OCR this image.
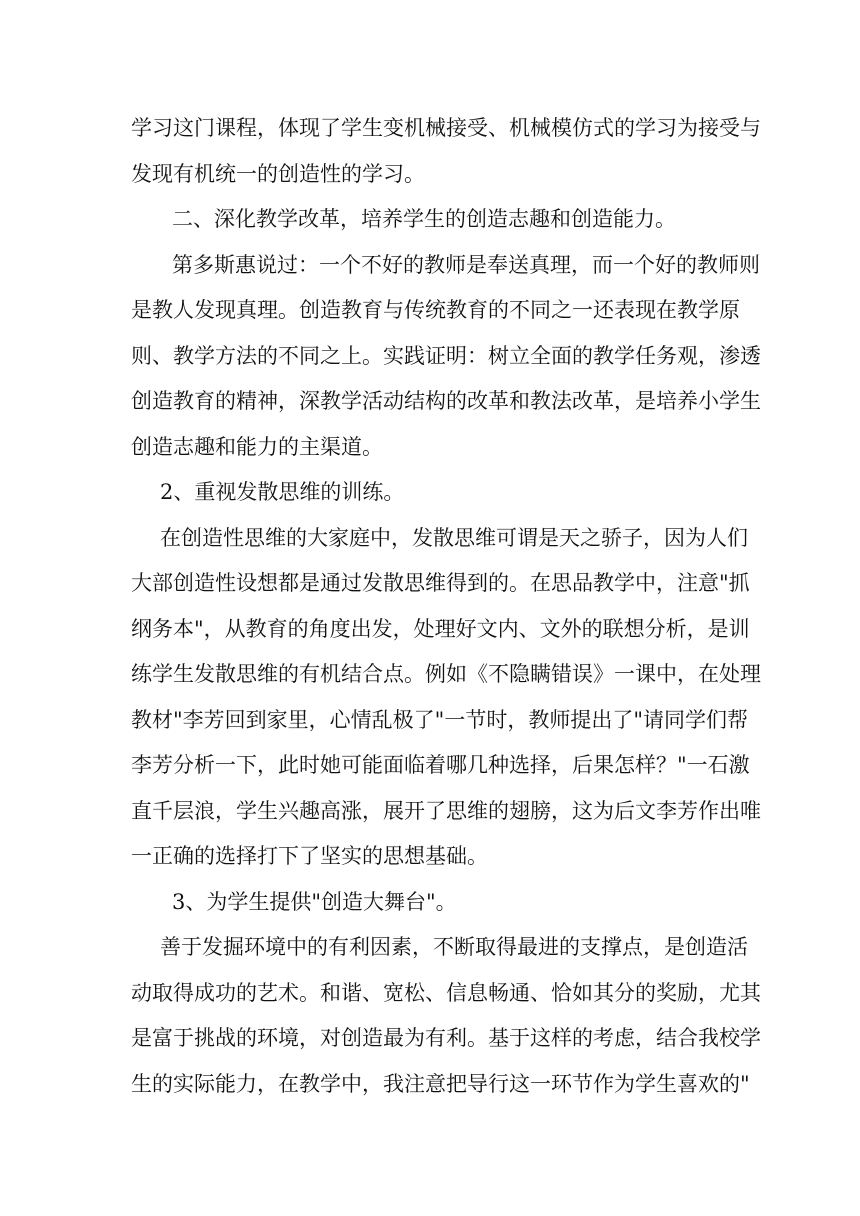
学习这门课程，体现了学生变机械接受、机械模仿式的学习为接受与
发现有机统一的创造性的学习。
二、深化教学改革，培养学生的创造志趣和创造能力。
第多斯惠说过：一个不好的教师是奉送真理，而一个好的教师则
是教人发现真理。创造教育与传统教育的不同之一还表现在教学原
则、教学方法的不同之上。实践证明：树立全面的教学任务观，渗透
创造教育的精神，深教学活动结构的改革和教法改革，是培养小学生
创造志趣和能力的主渠道。
2、重视发散思维的训练。
在创造性思维的大家庭中，发散思维可谓是天之骄子，因为人们
大部创造性设想都是通过发散思维得到的。在思品教学中，注意"抓
纲务本"，从教育的角度出发，处理好文内、文外的联想分析，是训
练学生发散思维的有机结合点。例如《不隐瞒错误》一课中，在处理
教材"李芳回到家里，心情乱极了"一节时，教师提出了"请同学们帮
李芳分析一下，此时她可能面临着哪几种选择，后果怎样？"一石激
直千层浪，学生兴趣高涨，展开了思维的翅膀，这为后文李芳作出唯
一正确的选择打下了坚实的思想基础。
3、为学生提供"创造大舞台"。
善于发掘环境中的有利因素，不断取得最进的支撑点，是创造活
动取得成功的艺术。和谐、宽松、信息畅通、恰如其分的奖励，尤其
是富于挑战的环境，对创造最为有利。基于这样的考虑，结合我校学
生的实际能力，在教学中，我注意把导行这一环节作为学生喜欢的"
